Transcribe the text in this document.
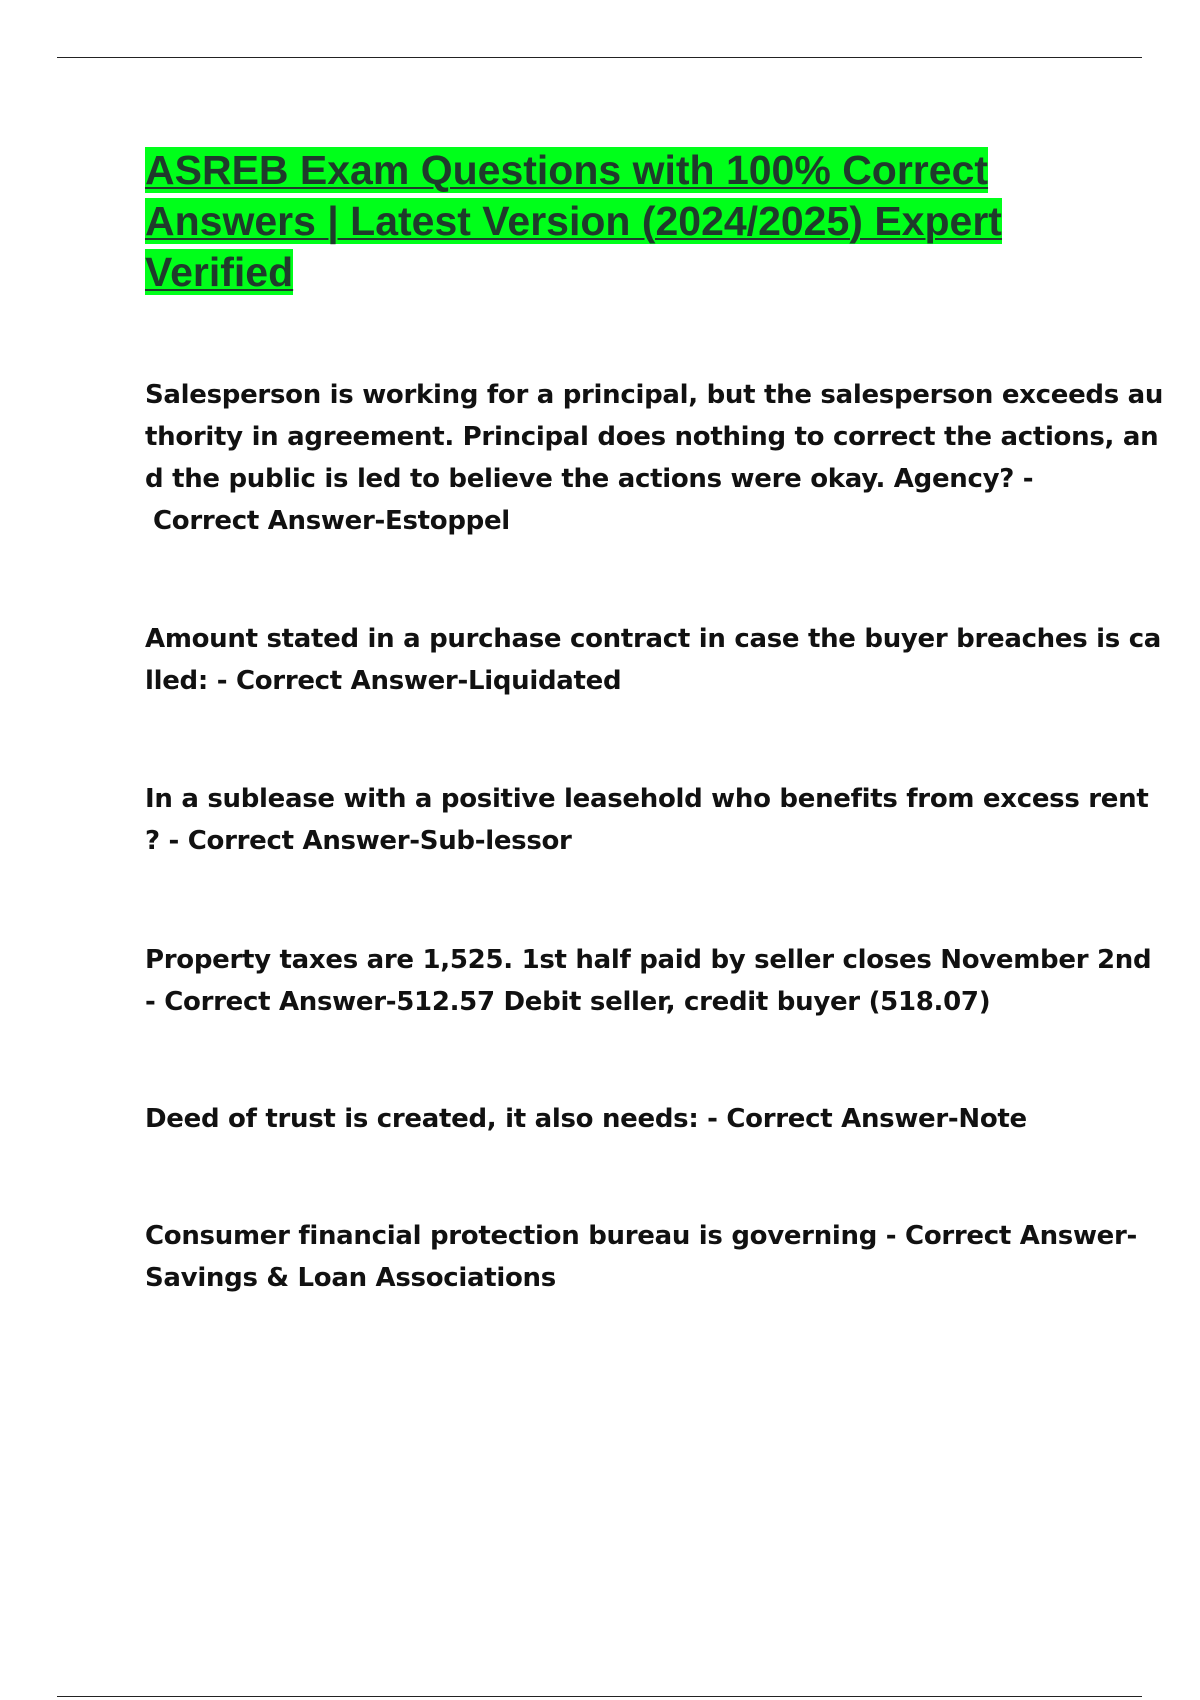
ASREB Exam Questions with 100% Correct Answers | Latest Version (2024/2025) Expert Verified
Salesperson is working for a principal, but the salesperson exceeds au
thority in agreement. Principal does nothing to correct the actions, an
d the public is led to believe the actions were okay. Agency? -
Correct Answer-Estoppel
Amount stated in a purchase contract in case the buyer breaches is ca
lled: - Correct Answer-Liquidated
In a sublease with a positive leasehold who benefits from excess rent
? - Correct Answer-Sub-lessor
Property taxes are 1,525. 1st half paid by seller closes November 2nd
- Correct Answer-512.57 Debit seller, credit buyer (518.07)
Deed of trust is created, it also needs: - Correct Answer-Note
Consumer financial protection bureau is governing - Correct Answer-
Savings & Loan Associations
